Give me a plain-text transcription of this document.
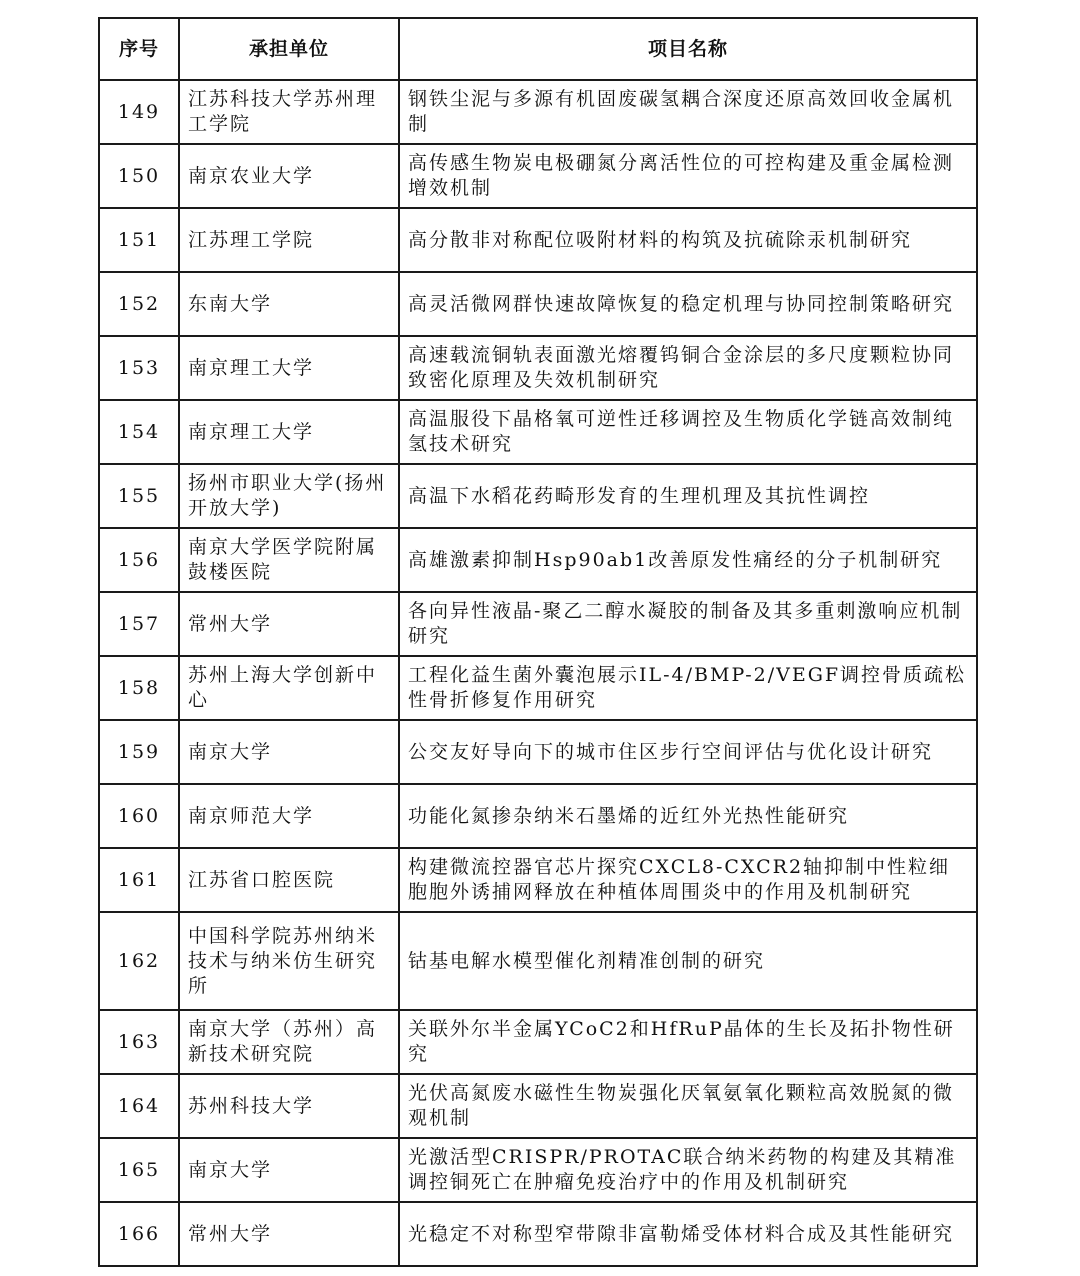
序号	承担单位	项目名称
149	江苏科技大学苏州理工学院	钢铁尘泥与多源有机固废碳氢耦合深度还原高效回收金属机制
150	南京农业大学	高传感生物炭电极硼氮分离活性位的可控构建及重金属检测增效机制
151	江苏理工学院	高分散非对称配位吸附材料的构筑及抗硫除汞机制研究
152	东南大学	高灵活微网群快速故障恢复的稳定机理与协同控制策略研究
153	南京理工大学	高速载流铜轨表面激光熔覆钨铜合金涂层的多尺度颗粒协同致密化原理及失效机制研究
154	南京理工大学	高温服役下晶格氧可逆性迁移调控及生物质化学链高效制纯氢技术研究
155	扬州市职业大学(扬州开放大学)	高温下水稻花药畸形发育的生理机理及其抗性调控
156	南京大学医学院附属鼓楼医院	高雄激素抑制Hsp90ab1改善原发性痛经的分子机制研究
157	常州大学	各向异性液晶-聚乙二醇水凝胶的制备及其多重刺激响应机制研究
158	苏州上海大学创新中心	工程化益生菌外囊泡展示IL-4/BMP-2/VEGF调控骨质疏松性骨折修复作用研究
159	南京大学	公交友好导向下的城市住区步行空间评估与优化设计研究
160	南京师范大学	功能化氮掺杂纳米石墨烯的近红外光热性能研究
161	江苏省口腔医院	构建微流控器官芯片探究CXCL8-CXCR2轴抑制中性粒细胞胞外诱捕网释放在种植体周围炎中的作用及机制研究
162	中国科学院苏州纳米技术与纳米仿生研究所	钴基电解水模型催化剂精准创制的研究
163	南京大学（苏州）高新技术研究院	关联外尔半金属YCoC2和HfRuP晶体的生长及拓扑物性研究
164	苏州科技大学	光伏高氮废水磁性生物炭强化厌氧氨氧化颗粒高效脱氮的微观机制
165	南京大学	光激活型CRISPR/PROTAC联合纳米药物的构建及其精准调控铜死亡在肿瘤免疫治疗中的作用及机制研究
166	常州大学	光稳定不对称型窄带隙非富勒烯受体材料合成及其性能研究
